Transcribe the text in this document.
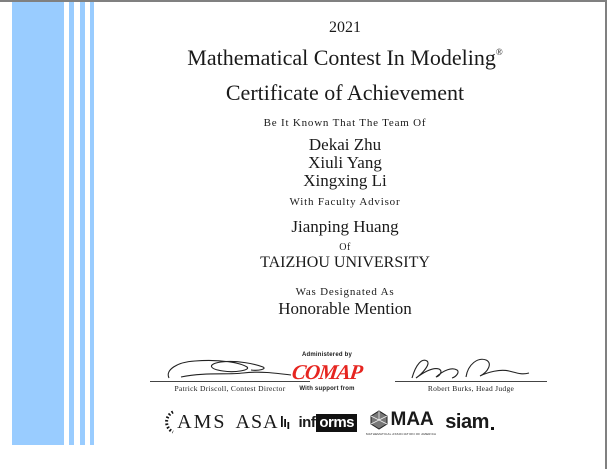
2021
Mathematical Contest In Modeling®
Certificate of Achievement
Be It Known That The Team Of
Dekai Zhu
Xiuli Yang
Xingxing Li
With Faculty Advisor
Jianping Huang
Of
TAIZHOU UNIVERSITY
Was Designated As
Honorable Mention
Patrick Driscoll, Contest Director
Administered by
COMAP
With support from	Robert Burks, Head Judge
AMS ASA inf orms MAA
MATHEMATICAL ASSOCIATION OF AMERICA
siam
